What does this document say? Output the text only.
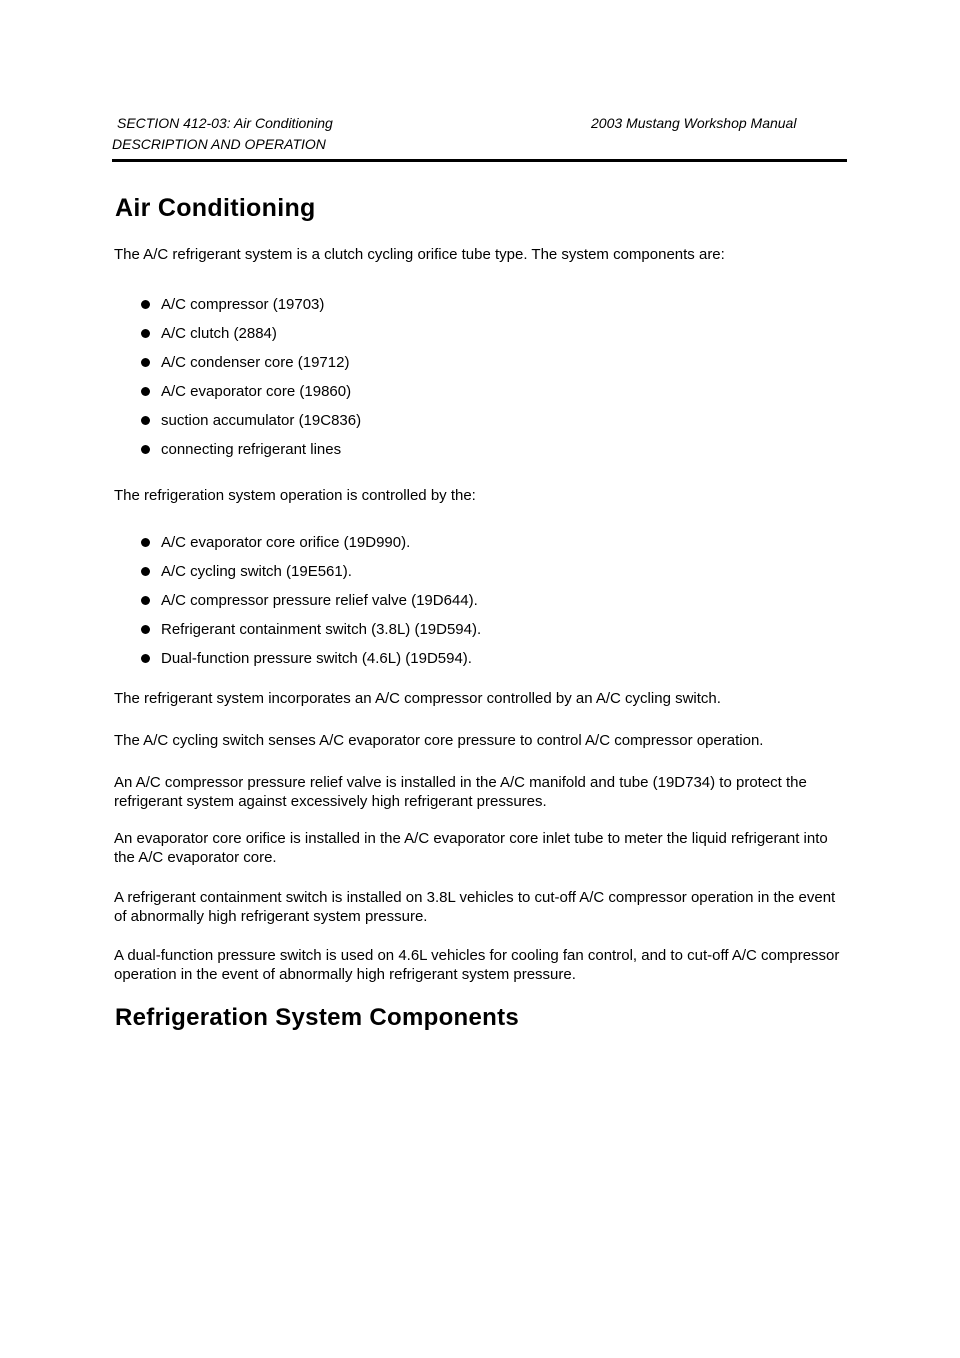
SECTION 412-03: Air Conditioning	2003 Mustang Workshop Manual
DESCRIPTION AND OPERATION
Air Conditioning

The A/C refrigerant system is a clutch cycling orifice tube type. The system components are:

A/C compressor (19703)
A/C clutch (2884)
A/C condenser core (19712)
A/C evaporator core (19860)
suction accumulator (19C836)
connecting refrigerant lines

The refrigeration system operation is controlled by the:

A/C evaporator core orifice (19D990).
A/C cycling switch (19E561).
A/C compressor pressure relief valve (19D644).
Refrigerant containment switch (3.8L) (19D594).
Dual-function pressure switch (4.6L) (19D594).

The refrigerant system incorporates an A/C compressor controlled by an A/C cycling switch.

The A/C cycling switch senses A/C evaporator core pressure to control A/C compressor operation.

An A/C compressor pressure relief valve is installed in the A/C manifold and tube (19D734) to protect the refrigerant system against excessively high refrigerant pressures.

An evaporator core orifice is installed in the A/C evaporator core inlet tube to meter the liquid refrigerant into the A/C evaporator core.

A refrigerant containment switch is installed on 3.8L vehicles to cut-off A/C compressor operation in the event of abnormally high refrigerant system pressure.

A dual-function pressure switch is used on 4.6L vehicles for cooling fan control, and to cut-off A/C compressor operation in the event of abnormally high refrigerant system pressure.

Refrigeration System Components
